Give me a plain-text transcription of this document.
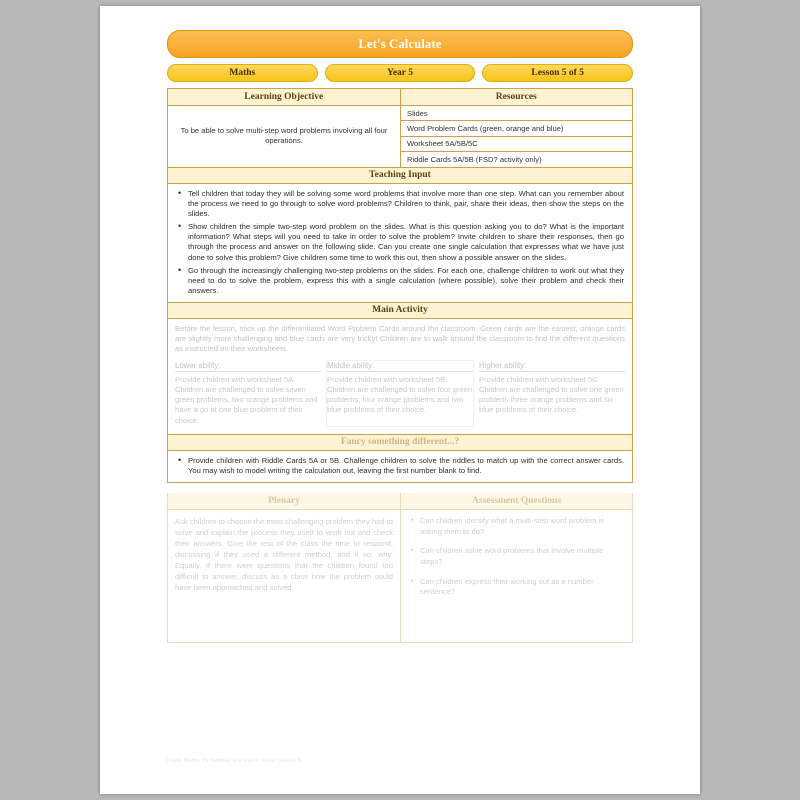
Let's Calculate
Maths	Year 5	Lesson 5 of 5
Learning Objective	Resources
To be able to solve multi-step word problems involving all four operations.
Slides
Word Problem Cards (green, orange and blue)
Worksheet 5A/5B/5C
Riddle Cards 5A/5B (FSD? activity only)
Teaching Input
• Tell children that today they will be solving some word problems that involve more than one step. What can you remember about the process we need to go through to solve word problems? Children to think, pair, share their ideas, then show the steps on the slides.
• Show children the simple two-step word problem on the slides. What is this question asking you to do? What is the important information? What steps will you need to take in order to solve the problem? Invite children to share their responses, then go through the process and answer on the following slide. Can you create one single calculation that expresses what we have just done to solve this problem? Give children some time to work this out, then show a possible answer on the slides.
• Go through the increasingly challenging two-step problems on the slides. For each one, challenge children to work out what they need to do to solve the problem, express this with a single calculation (where possible), solve their problem and check their answers.
Main Activity
Before the lesson, stick up the differentiated Word Problem Cards around the classroom. Green cards are the easiest, orange cards are slightly more challenging and blue cards are very tricky! Children are to walk around the classroom to find the different questions as instructed on their worksheets.
Lower ability:
Provide children with worksheet 5A. Children are challenged to solve seven green problems, two orange problems and have a go at one blue problem of their choice.
Middle ability:
Provide children with worksheet 5B. Children are challenged to solve four green problems, four orange problems and two blue problems of their choice.
Higher ability:
Provide children with worksheet 5C. Children are challenged to solve one green problem, three orange problems and six blue problems of their choice.
Fancy something different...?
• Provide children with Riddle Cards 5A or 5B. Challenge children to solve the riddles to match up with the correct answer cards. You may wish to model writing the calculation out, leaving the first number blank to find.
Plenary

Ask children to choose the most challenging problem they had to solve and explain the process they used to work out and check their answers. Give the rest of the class the time to respond, discussing if they used a different method, and if so, why. Equally, if there were questions that the children found too difficult to answer, discuss as a class how the problem could have been approached and solved.

Assessment Questions
• Can children identify what a multi-step word problem is asking them to do?
• Can children solve word problems that involve multiple steps?
• Can children express their working out as a number sentence?
Planit Maths Y5 Number and Place Value Lesson 5
